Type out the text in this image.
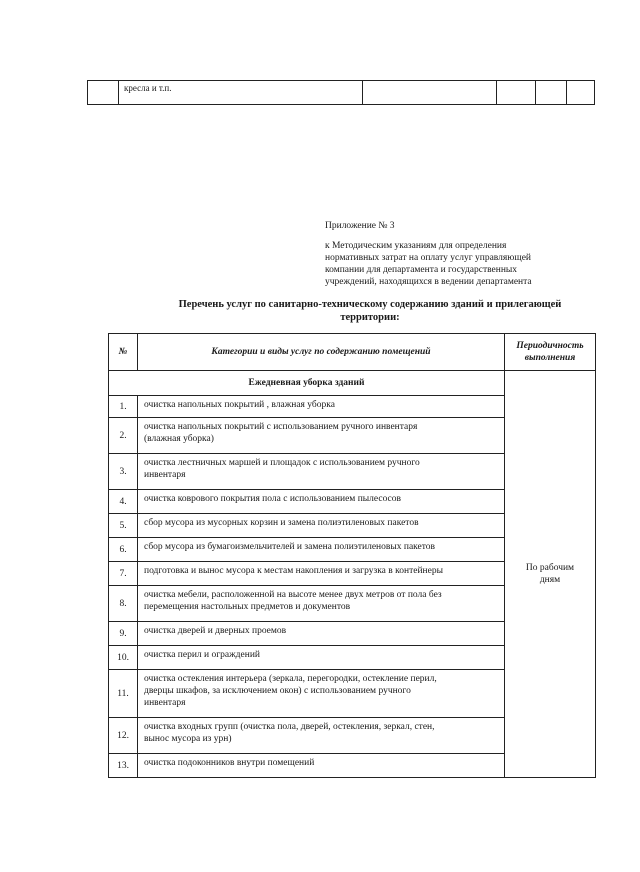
	кресла и т.п.				
Приложение № 3
к Методическим указаниям для определения
нормативных затрат на оплату услуг управляющей
компании для департамента и государственных
учреждений, находящихся в ведении департамента
Перечень услуг по санитарно-техническому содержанию зданий и прилегающей
территории:
№	Категории и виды услуг по содержанию помещений	Периодичность
выполнения

Ежедневная уборка зданий		По рабочим
дням

1.	очистка напольных покрытий , влажная уборка	

2.	очистка напольных покрытий с использованием ручного инвентаря
(влажная уборка)	

3.	очистка лестничных маршей и площадок с использованием ручного
инвентаря	

4.	очистка коврового покрытия пола с использованием пылесосов	

5.	сбор мусора из мусорных корзин и замена полиэтиленовых пакетов	

6.	сбор мусора из бумагоизмельчителей и замена полиэтиленовых пакетов	

7.	подготовка и вынос мусора к местам накопления и загрузка в контейнеры	

8.	очистка мебели, расположенной на высоте менее двух метров от пола без
перемещения настольных предметов и документов	

9.	очистка дверей и дверных проемов	

10.	очистка перил и ограждений	

11.	очистка остекления интерьера (зеркала, перегородки, остекление перил,
дверцы шкафов, за исключением окон) с использованием ручного
инвентаря	

12.	очистка входных групп (очистка пола, дверей, остекления, зеркал, стен,
вынос мусора из урн)	

13.	очистка подоконников внутри помещений	
